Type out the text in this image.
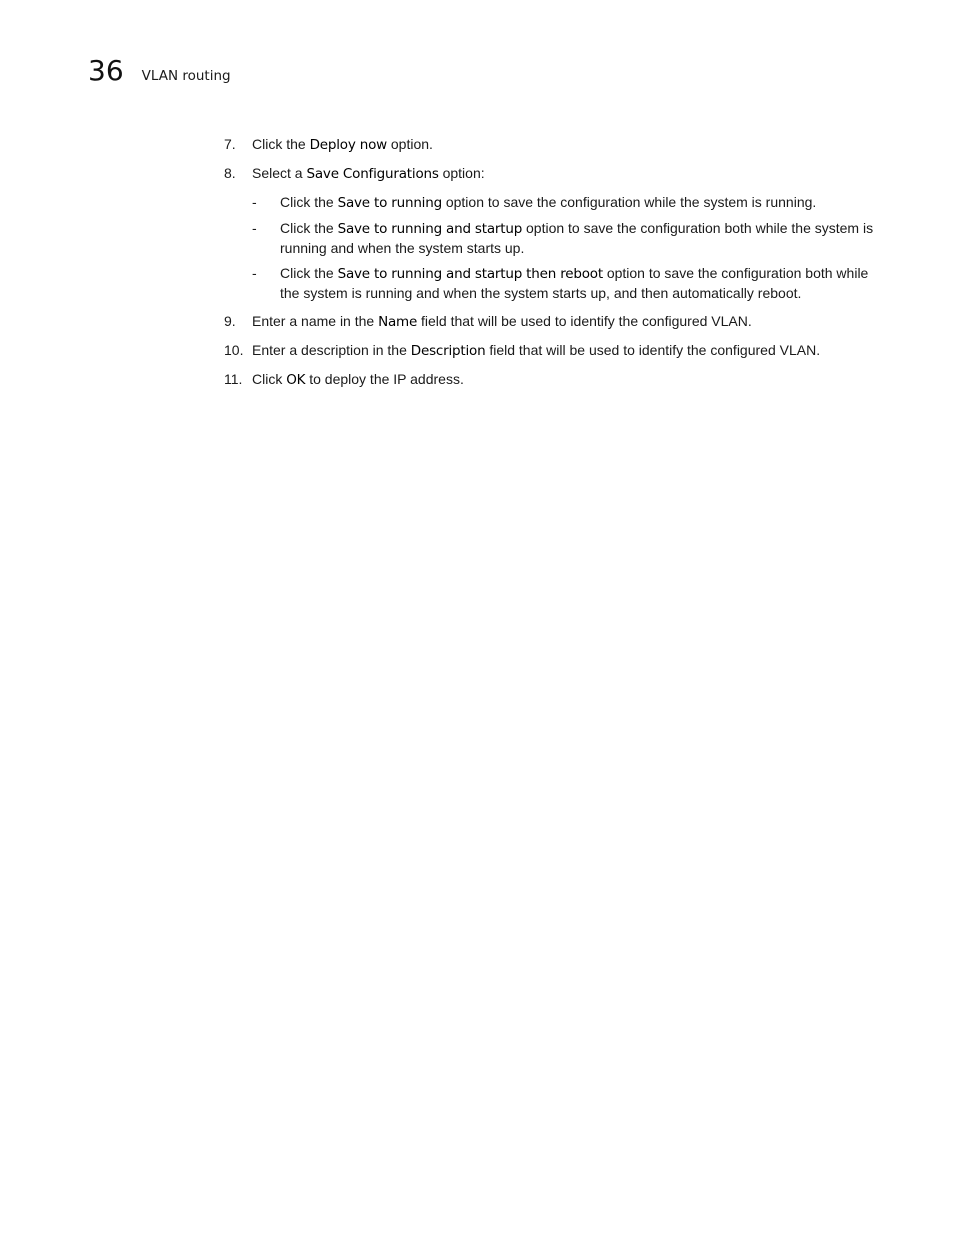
36 VLAN routing
7. Click the Deploy now option.
8. Select a Save Configurations option:
- Click the Save to running option to save the configuration while the system is running.
- Click the Save to running and startup option to save the configuration both while the system is running and when the system starts up.
- Click the Save to running and startup then reboot option to save the configuration both while the system is running and when the system starts up, and then automatically reboot.
9. Enter a name in the Name field that will be used to identify the configured VLAN.
10. Enter a description in the Description field that will be used to identify the configured VLAN.
11. Click OK to deploy the IP address.
